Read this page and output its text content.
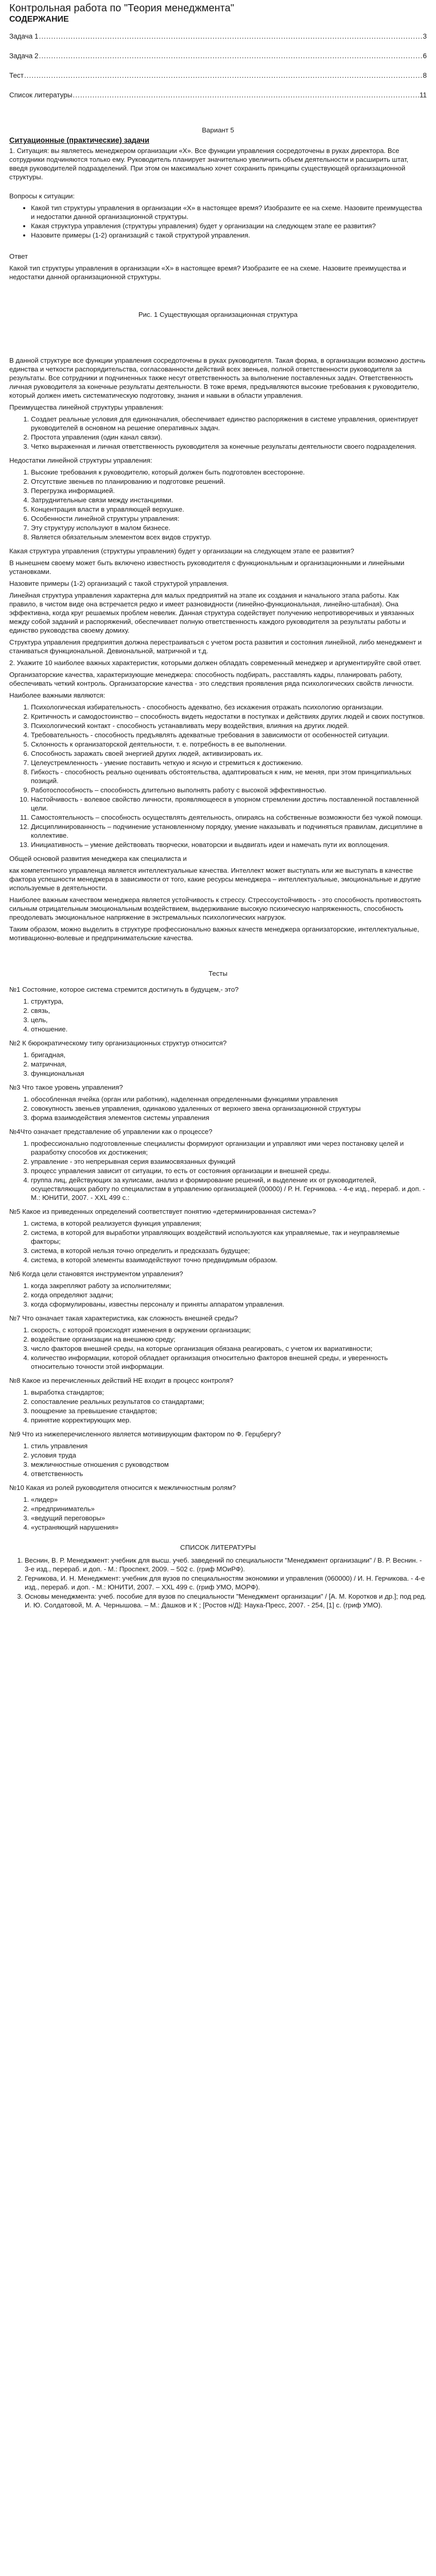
Контрольная работа по "Теория менеджмента"
СОДЕРЖАНИЕ
Задача 1 .....	3
Задача 2 .....	6
Тест .....	8
Список литературы .....	11
Вариант 5
Ситуационные (практические) задачи

1. Ситуация: вы являетесь менеджером организации «Х». Все функции управления сосредоточены в руках директора. Все сотрудники подчиняются только ему. Руководитель планирует значительно увеличить объем деятельности и расширить штат, введя руководителей подразделений. При этом он максимально хочет сохранить принципы существующей организационной структуры.

Вопросы к ситуации:

• Какой тип структуры управления в организации «Х» в настоящее время? Изобразите ее на схеме. Назовите преимущества и недостатки данной организационной структуры.
• Какая структура управления (структуры управления) будет у организации на следующем этапе ее развития?
• Назовите примеры (1-2) организаций с такой структурой управления.

Ответ

Какой тип структуры управления в организации «Х» в настоящее время? Изобразите ее на схеме. Назовите преимущества и недостатки данной организационной структуры.

Рис. 1 Существующая организационная структура

В данной структуре все функции управления сосредоточены в руках руководителя. Такая форма, в организации возможно достичь единства и четкости распорядительства, согласованности действий всех звеньев, полной ответственности руководителя за результаты. Все сотрудники и подчиненных также несут ответственность за выполнение поставленных задач. Ответственность личная руководителя за конечные результаты деятельности. В тоже время, предъявляются высокие требования к руководителю, который должен иметь систематическую подготовку, знания и навыки в области управления.

Преимущества линейной структуры управления:

1. Создает реальные условия для единоначалия, обеспечивает единство распоряжения в системе управления, ориентирует руководителей в основном на решение оперативных задач.
2. Простота управления (один канал связи).
3. Четко выраженная и личная ответственность руководителя за конечные результаты деятельности своего подразделения.

Недостатки линейной структуры управления:

1. Высокие требования к руководителю, который должен быть подготовлен всесторонне.
2. Отсутствие звеньев по планированию и подготовке решений.
3. Перегрузка информацией.
4. Затруднительные связи между инстанциями.
5. Концентрация власти в управляющей верхушке.
6. Особенности линейной структуры управления:
7. Эту структуру используют в малом бизнесе.
8. Является обязательным элементом всех видов структур.

Какая структура управления (структуры управления) будет у организации на следующем этапе ее развития?

В нынешнем своему может быть включено известность руководителя с функциональным и организационными и линейными установками.

Назовите примеры (1-2) организаций с такой структурой управления.

Линейная структура управления характерна для малых предприятий на этапе их создания и начального этапа работы. Как правило, в чистом виде она встречается редко и имеет разновидности (линейно-функциональная, линейно-штабная). Она эффективна, когда круг решаемых проблем невелик. Данная структура содействует получению непротиворечивых и увязанных между собой заданий и распоряжений, обеспечивает полную ответственность каждого руководителя за результаты работы и единство руководства своему домиху.

Структура управления предприятия должна перестраиваться с учетом роста развития и состояния линейной, либо менеджмент и станиваться функциональной. Девиональной, матричной и т.д.

2. Укажите 10 наиболее важных характеристик, которыми должен обладать современный менеджер и аргументируйте свой ответ.

Организаторские качества, характеризующие менеджера: способность подбирать, расставлять кадры, планировать работу, обеспечивать четкий контроль. Организаторские качества - это следствия проявления ряда психологических свойств личности.

Наиболее важными являются:

1. Психологическая избирательность - способность адекватно, без искажения отражать психологию организации.
2. Критичность и самодостоинство – способность видеть недостатки в поступках и действиях других людей и своих поступков.
3. Психологический контакт - способность устанавливать меру воздействия, влияния на других людей.
4. Требовательность - способность предъявлять адекватные требования в зависимости от особенностей ситуации.
5. Склонность к организаторской деятельности, т. е. потребность в ее выполнении.
6. Способность заражать своей энергией других людей, активизировать их.
7. Целеустремленность - умение поставить четкую и ясную и стремиться к достижению.
8. Гибкость - способность реально оценивать обстоятельства, адаптироваться к ним, не меняя, при этом принципиальных позиций.
9. Работоспособность – способность длительно выполнять работу с высокой эффективностью.
10. Настойчивость - волевое свойство личности, проявляющееся в упорном стремлении достичь поставленной поставленной цели.
11. Самостоятельность – способность осуществлять деятельность, опираясь на собственные возможности без чужой помощи.
12. Дисциплинированность – подчинение установленному порядку, умение наказывать и подчиняться правилам, дисциплине в коллективе.
13. Инициативность – умение действовать творчески, новаторски и выдвигать идеи и намечать пути их воплощения.

Общей основой развития менеджера как специалиста и

как компетентного управленца является интеллектуальные качества. Интеллект может выступать или же выступать в качестве фактора успешности менеджера в зависимости от того, какие ресурсы менеджера – интеллектуальные, эмоциональные и другие используемые в деятельности.

Наиболее важным качеством менеджера является устойчивость к стрессу. Стрессоустойчивость - это способность противостоять сильным отрицательным эмоциональным воздействием, выдерживание высокую психическую напряженность, способность преодолевать эмоциональное напряжение в экстремальных психологических нагрузок.

Таким образом, можно выделить в структуре профессионально важных качеств менеджера организаторские, интеллектуальные, мотивационно-волевые и предпринимательские качества.

Тесты

№1 Состояние, которое система стремится достигнуть в будущем,- это?

1. структура,
2. связь,
3. цель,
4. отношение.

№2 К бюрократическому типу организационных структур относится?

1. бригадная,
2. матричная,
3. функциональная

№3 Что такое уровень управления?

1. обособленная ячейка (орган или работник), наделенная определенными функциями управления
2. совокупность звеньев управления, одинаково удаленных от верхнего звена организационной структуры
3. форма взаимодействия элементов системы управления

№4Что означает представление об управлении как о процессе?

1. профессионально подготовленные специалисты формируют организации и управляют ими через постановку целей и разработку способов их достижения;
2. управление - это непрерывная серия взаимосвязанных функций
3. процесс управления зависит от ситуации, то есть от состояния организации и внешней среды.
4. группа лиц, действующих за кулисами, анализ и формирование решений, и выделение их от руководителей, осуществляющих работу по специалистам в управлению организацией (00000) / Р. Н. Герчикова. - 4-е изд., перераб. и доп. - М.: ЮНИТИ, 2007. - XXL 499 с.:

№5 Какое из приведенных определений соответствует понятию «детерминированная система»?

1. система, в которой реализуется функция управления;
2. система, в которой для выработки управляющих воздействий используются как управляемые, так и неуправляемые факторы;
3. система, в которой нельзя точно определить и предсказать будущее;
4. система, в которой элементы взаимодействуют точно предвидимым образом.

№6 Когда цели становятся инструментом управления?

1. когда закрепляют работу за исполнителями;
2. когда определяют задачи;
3. когда сформулированы, известны персоналу и приняты аппаратом управления.

№7 Что означает такая характеристика, как сложность внешней среды?

1. скорость, с которой происходят изменения в окружении организации;
2. воздействие организации на внешнюю среду;
3. число факторов внешней среды, на которые организация обязана реагировать, с учетом их вариативности;
4. количество информации, которой обладает организация относительно факторов внешней среды, и уверенность относительно точности этой информации.

№8 Какое из перечисленных действий НЕ входит в процесс контроля?

1. выработка стандартов;
2. сопоставление реальных результатов со стандартами;
3. поощрение за превышение стандартов;
4. принятие корректирующих мер.

№9 Что из нижеперечисленного является мотивирующим фактором по Ф. Герцбергу?

1. стиль управления
2. условия труда
3. межличностные отношения с руководством
4. ответственность

№10 Какая из ролей руководителя относится к межличностным ролям?

1. «лидер»
2. «предприниматель»
3. «ведущий переговоры»
4. «устраняющий нарушения»
СПИСОК ЛИТЕРАТУРЫ
1. Веснин, В. Р. Менеджмент: учебник для высш. учеб. заведений по специальности "Менеджмент организации" / В. Р. Веснин. - 3-е изд., перераб. и доп. - М.: Проспект, 2009. – 502 с. (гриф МОиРФ).
2. Герчикова, И. Н. Менеджмент: учебник для вузов по специальностям экономики и управления (060000) / И. Н. Герчикова. - 4-е изд., перераб. и доп. - М.: ЮНИТИ, 2007. – XXL 499 с. (гриф УМО, МОРФ).
3. Основы менеджмента: учеб. пособие для вузов по специальности "Менеджмент организации" / [А. М. Коротков и др.]; под ред. И. Ю. Солдатовой, М. А. Чернышова. – М.: Дашков и К ; [Ростов н/Д]: Наука-Пресс, 2007. - 254, [1] с. (гриф УМО).
